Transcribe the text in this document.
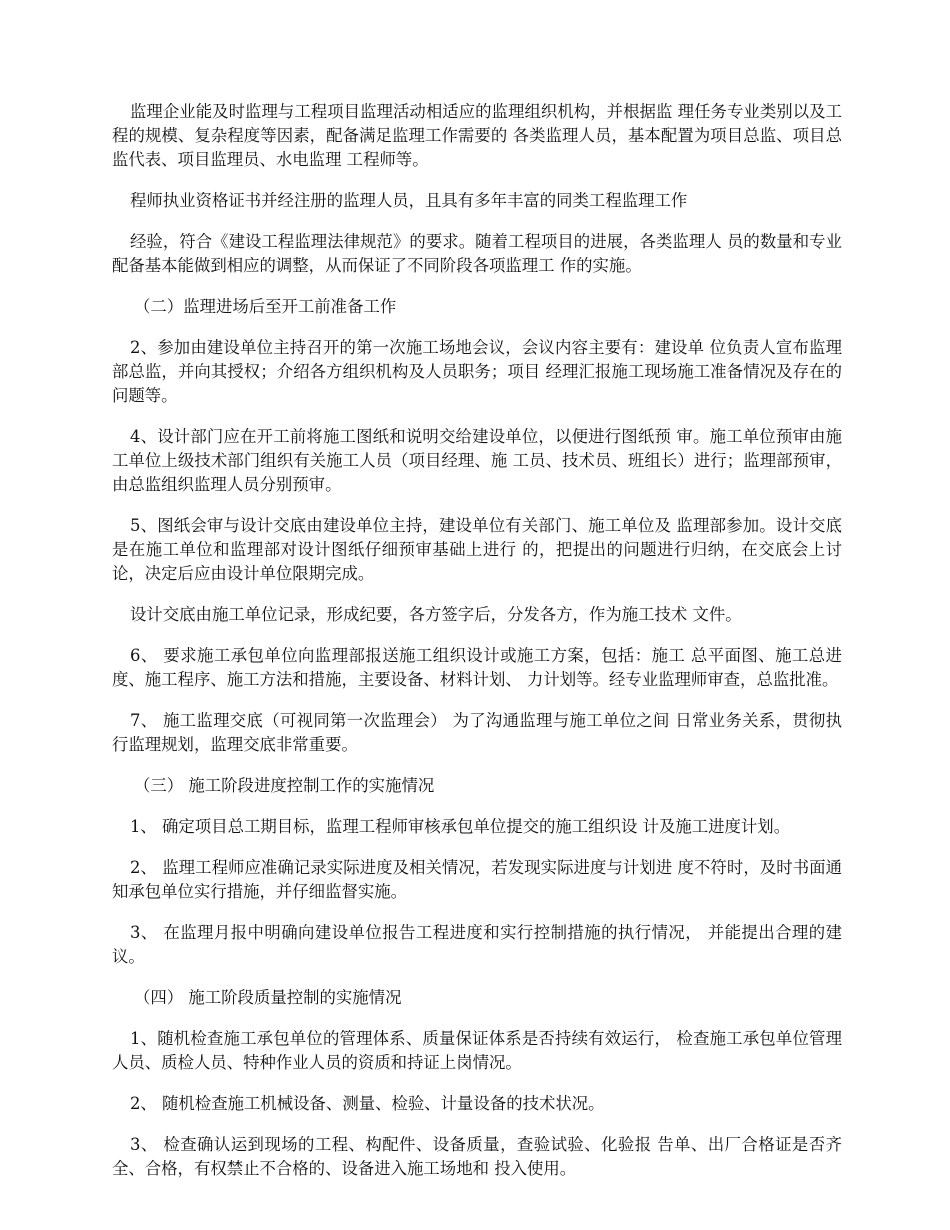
监理企业能及时监理与工程项目监理活动相适应的监理组织机构，并根据监 理任务专业类别以及工程的规模、复杂程度等因素，配备满足监理工作需要的 各类监理人员，基本配置为项目总监、项目总监代表、项目监理员、水电监理 工程师等。

程师执业资格证书并经注册的监理人员，且具有多年丰富的同类工程监理工作

经验，符合《建设工程监理法律规范》的要求。随着工程项目的进展，各类监理人 员的数量和专业配备基本能做到相应的调整，从而保证了不同阶段各项监理工 作的实施。

（二）监理进场后至开工前准备工作

2、参加由建设单位主持召开的第一次施工场地会议，会议内容主要有：建设单 位负责人宣布监理部总监，并向其授权；介绍各方组织机构及人员职务；项目 经理汇报施工现场施工准备情况及存在的问题等。

4、设计部门应在开工前将施工图纸和说明交给建设单位，以便进行图纸预 审。施工单位预审由施工单位上级技术部门组织有关施工人员（项目经理、施 工员、技术员、班组长）进行；监理部预审，由总监组织监理人员分别预审。

5、图纸会审与设计交底由建设单位主持，建设单位有关部门、施工单位及 监理部参加。设计交底是在施工单位和监理部对设计图纸仔细预审基础上进行 的，把提出的问题进行归纳，在交底会上讨论，决定后应由设计单位限期完成。

设计交底由施工单位记录，形成纪要，各方签字后，分发各方，作为施工技术 文件。

6、 要求施工承包单位向监理部报送施工组织设计或施工方案，包括：施工 总平面图、施工总进度、施工程序、施工方法和措施，主要设备、材料计划、 力计划等。经专业监理师审查，总监批准。

7、 施工监理交底（可视同第一次监理会） 为了沟通监理与施工单位之间 日常业务关系，贯彻执行监理规划，监理交底非常重要。

（三） 施工阶段进度控制工作的实施情况

1、 确定项目总工期目标，监理工程师审核承包单位提交的施工组织设 计及施工进度计划。

2、 监理工程师应准确记录实际进度及相关情况，若发现实际进度与计划进 度不符时，及时书面通知承包单位实行措施，并仔细监督实施。

3、 在监理月报中明确向建设单位报告工程进度和实行控制措施的执行情况， 并能提出合理的建议。

（四） 施工阶段质量控制的实施情况

1、随机检查施工承包单位的管理体系、质量保证体系是否持续有效运行， 检查施工承包单位管理人员、质检人员、特种作业人员的资质和持证上岗情况。

2、 随机检查施工机械设备、测量、检验、计量设备的技术状况。

3、 检查确认运到现场的工程、构配件、设备质量，查验试验、化验报 告单、出厂合格证是否齐全、合格，有权禁止不合格的、设备进入施工场地和 投入使用。
